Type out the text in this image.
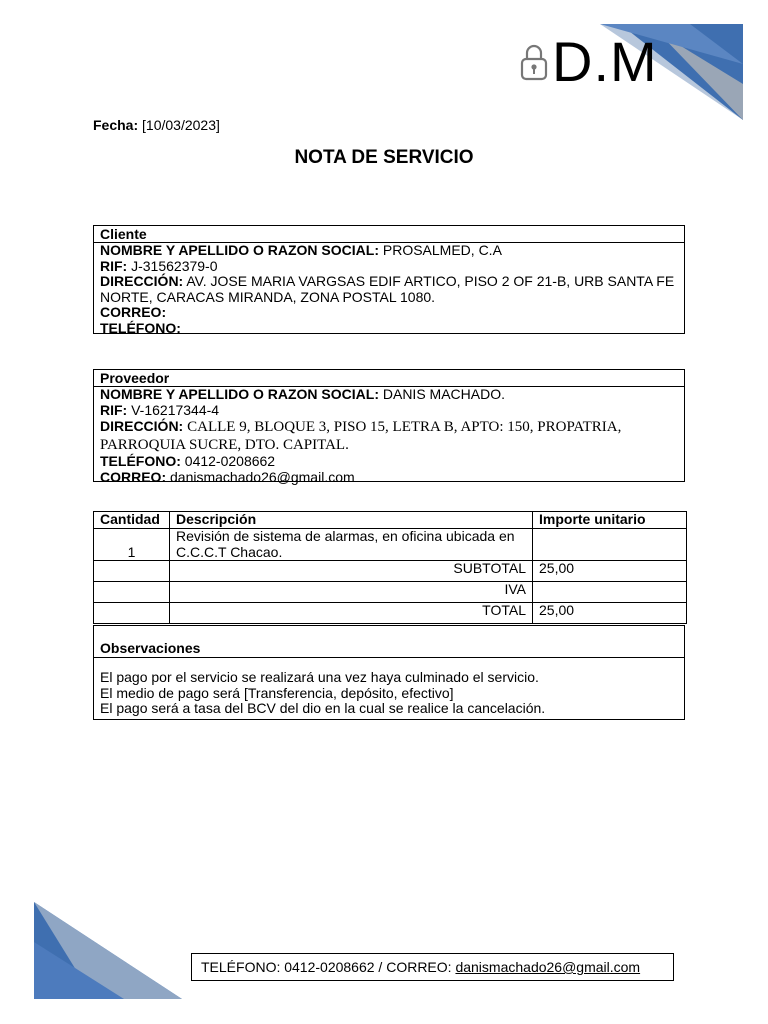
D.M
Fecha: [10/03/2023]
NOTA DE SERVICIO
Cliente
NOMBRE Y APELLIDO O RAZON SOCIAL: PROSALMED, C.A
RIF: J-31562379-0
DIRECCIÓN: AV. JOSE MARIA VARGSAS EDIF ARTICO, PISO 2 OF 21-B, URB SANTA FE NORTE, CARACAS MIRANDA, ZONA POSTAL 1080.
CORREO:
TELÉFONO:
Proveedor
NOMBRE Y APELLIDO O RAZON SOCIAL: DANIS MACHADO.
RIF: V-16217344-4
DIRECCIÓN: CALLE 9, BLOQUE 3, PISO 15, LETRA B, APTO: 150, PROPATRIA, PARROQUIA SUCRE, DTO. CAPITAL.
TELÉFONO: 0412-0208662
CORREO: danismachado26@gmail.com
Cantidad	Descripción	Importe unitario
1	Revisión de sistema de alarmas, en oficina ubicada en C.C.C.T Chacao.	
	SUBTOTAL	25,00
	IVA	
	TOTAL	25,00
Observaciones
El pago por el servicio se realizará una vez haya culminado el servicio.
El medio de pago será [Transferencia, depósito, efectivo]
El pago será a tasa del BCV del dio en la cual se realice la cancelación.
TELÉFONO: 0412-0208662 / CORREO: danismachado26@gmail.com
